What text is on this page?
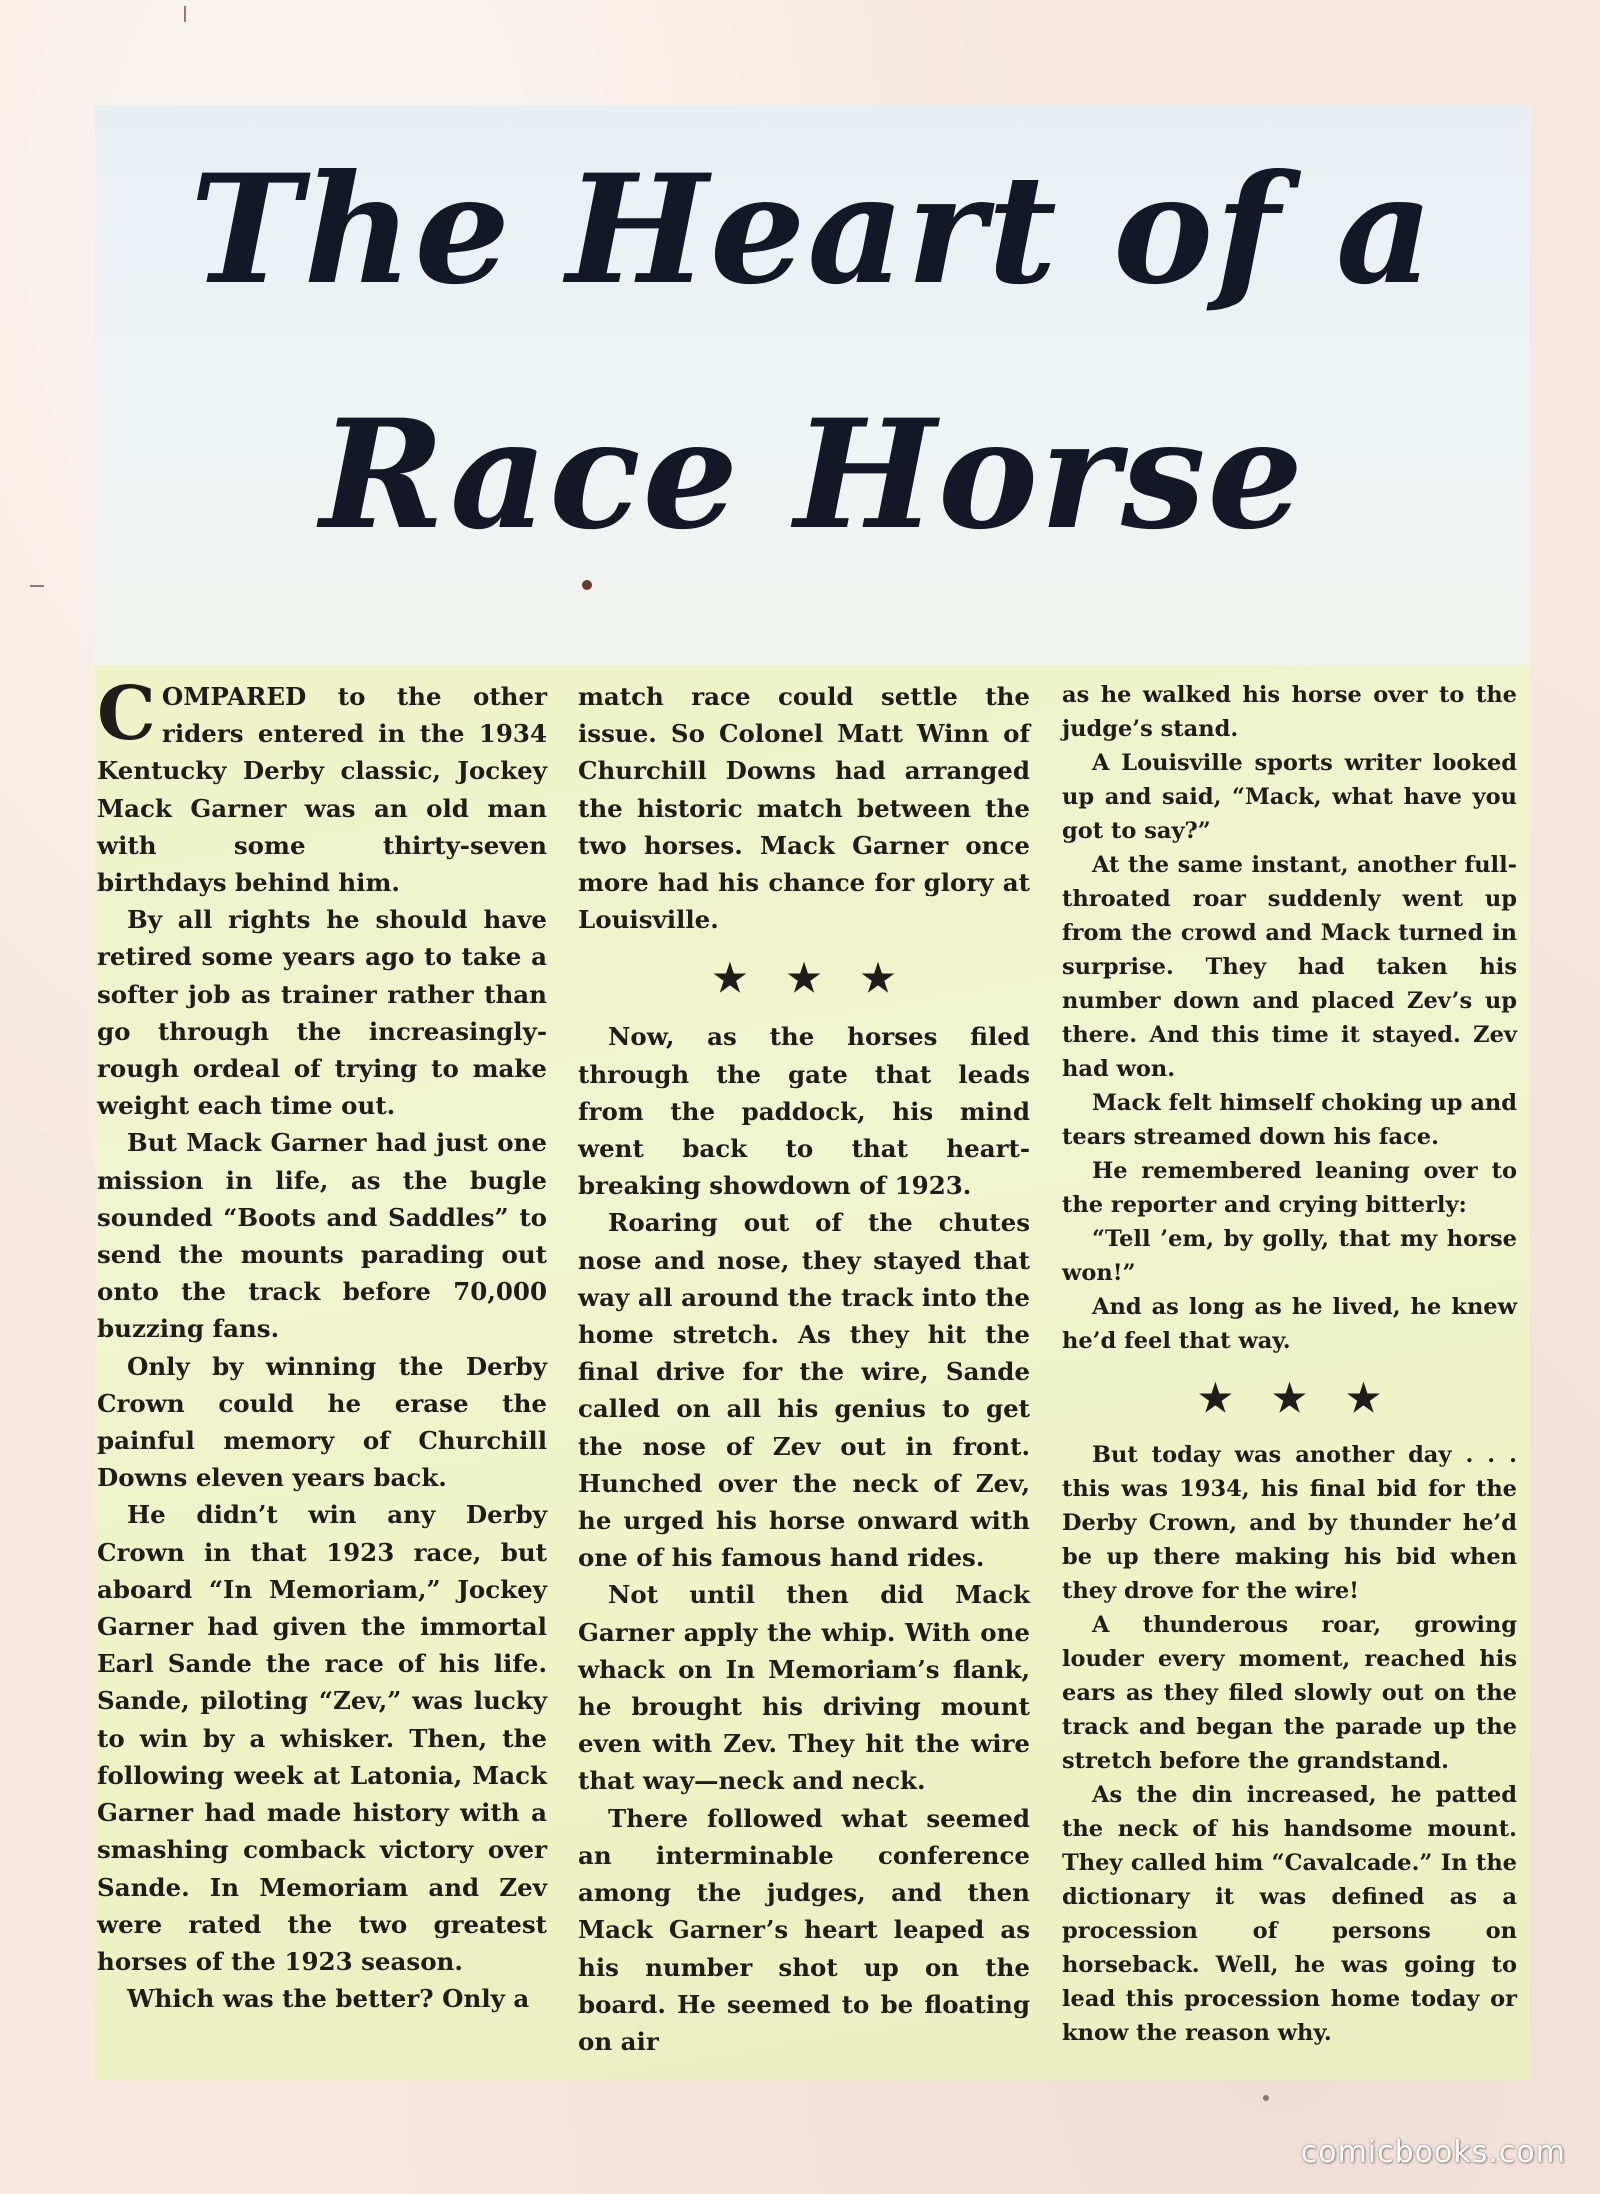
The Heart of a
Race Horse

COMPARED to the other riders entered in the 1934 Kentucky Derby classic, Jockey Mack Garner was an old man with some thirty-seven birthdays behind him.

By all rights he should have retired some years ago to take a softer job as trainer rather than go through the increasingly-rough ordeal of trying to make weight each time out.

But Mack Garner had just one mission in life, as the bugle sounded “Boots and Saddles” to send the mounts parading out onto the track before 70,000 buzzing fans.

Only by winning the Derby Crown could he erase the painful memory of Churchill Downs eleven years back.

He didn’t win any Derby Crown in that 1923 race, but aboard “In Memoriam,” Jockey Garner had given the immortal Earl Sande the race of his life. Sande, piloting “Zev,” was lucky to win by a whisker. Then, the following week at Latonia, Mack Garner had made history with a smashing comback victory over Sande. In Memoriam and Zev were rated the two greatest horses of the 1923 season.

Which was the better? Only a

match race could settle the issue. So Colonel Matt Winn of Churchill Downs had arranged the historic match between the two horses. Mack Garner once more had his chance for glory at Louisville.

★★★

Now, as the horses filed through the gate that leads from the paddock, his mind went back to that heart-breaking showdown of 1923.

Roaring out of the chutes nose and nose, they stayed that way all around the track into the home stretch. As they hit the final drive for the wire, Sande called on all his genius to get the nose of Zev out in front. Hunched over the neck of Zev, he urged his horse onward with one of his famous hand rides.

Not until then did Mack Garner apply the whip. With one whack on In Memoriam’s flank, he brought his driving mount even with Zev. They hit the wire that way—neck and neck.

There followed what seemed an interminable conference among the judges, and then Mack Garner’s heart leaped as his number shot up on the board. He seemed to be floating on air

as he walked his horse over to the judge’s stand.

A Louisville sports writer looked up and said, “Mack, what have you got to say?”

At the same instant, another full-throated roar suddenly went up from the crowd and Mack turned in surprise. They had taken his number down and placed Zev’s up there. And this time it stayed. Zev had won.

Mack felt himself choking up and tears streamed down his face.

He remembered leaning over to the reporter and crying bitterly:

“Tell ’em, by golly, that my horse won!”

And as long as he lived, he knew he’d feel that way.

★★★

But today was another day . . . this was 1934, his final bid for the Derby Crown, and by thunder he’d be up there making his bid when they drove for the wire!

A thunderous roar, growing louder every moment, reached his ears as they filed slowly out on the track and began the parade up the stretch before the grandstand.

As the din increased, he patted the neck of his handsome mount. They called him “Cavalcade.” In the dictionary it was defined as a procession of persons on horseback. Well, he was going to lead this procession home today or know the reason why.

comicbooks.com
